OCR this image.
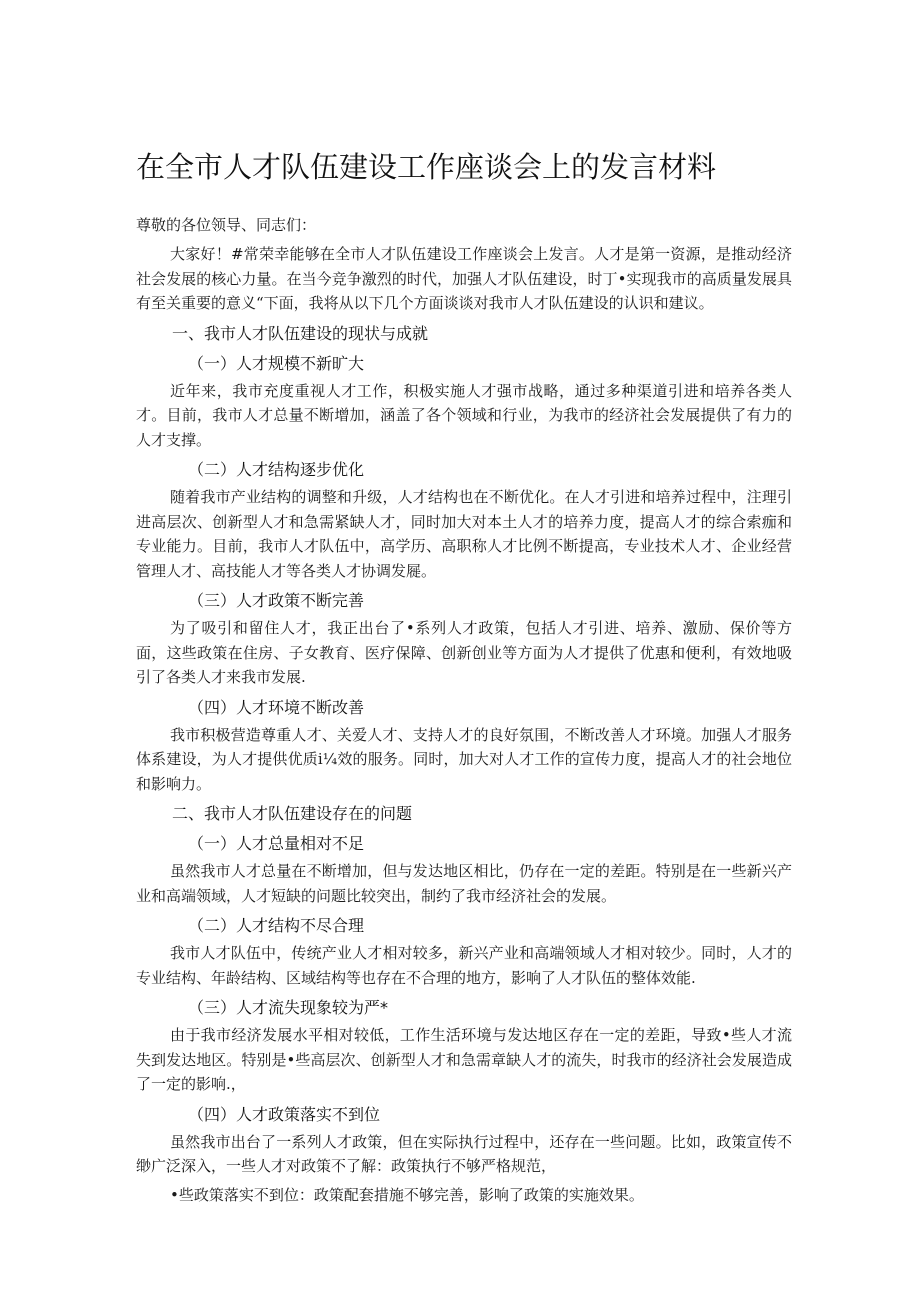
在全市人才队伍建设工作座谈会上的发言材料

尊敬的各位领导、同志们：

大家好！#常荣幸能够在全市人才队伍建设工作座谈会上发言。人才是第一资源，是推动经济社会发展的核心力量。在当今竞争激烈的时代，加强人才队伍建设，时丁•实现我市的高质量发展具有至关重要的意义“下面，我将从以下几个方面谈谈对我市人才队伍建设的认识和建议。

一、我市人才队伍建设的现状与成就
（一）人才规模不新旷大

近年来，我市充度重视人才工作，积极实施人才强市战略，通过多种渠道引进和培养各类人才。目前，我市人才总量不断增加，涵盖了各个领域和行业，为我市的经济社会发展提供了有力的人才支撑。

（二）人才结构逐步优化

随着我市产业结构的调整和升级，人才结构也在不断优化。在人才引进和培养过程中，注理引进高层次、创新型人才和急需紧缺人才，同时加大对本土人才的培养力度，提高人才的综合索痂和专业能力。目前，我市人才队伍中，高学历、高职称人才比例不断提高，专业技术人才、企业经营管理人才、高技能人才等各类人才协调发屣。

（三）人才政策不断完善

为了吸引和留住人才，我正出台了•系列人才政策，包括人才引进、培养、激励、保价等方面，这些政策在住房、子女教育、医疗保障、创新创业等方面为人才提供了优惠和便利，有效地吸引了各类人才来我市发展.

（四）人才环境不断改善

我市积极营造尊重人才、关爱人才、支持人才的良好氛围，不断改善人才环境。加强人才服务体系建设，为人才提供优质i¼效的服务。同时，加大对人才工作的宣传力度，提高人才的社会地位和影响力。

二、我市人才队伍建设存在的问题
（一）人才总量相对不足

虽然我市人才总量在不断增加，但与发达地区相比，仍存在一定的差距。特别是在一些新兴产业和高端领域，人才短缺的问题比较突出，制约了我市经济社会的发展。

（二）人才结构不尽合理

我市人才队伍中，传统产业人才相对较多，新兴产业和高端领域人才相对较少。同时，人才的专业结构、年龄结构、区域结构等也存在不合理的地方，影响了人才队伍的整体效能.

（三）人才流失现象较为严*

由于我市经济发展水平相对较低，工作生活环境与发达地区存在一定的差距，导致•些人才流失到发达地区。特别是•些高层次、创新型人才和急需章缺人才的流失，时我市的经济社会发展造成了一定的影响.，

（四）人才政策落实不到位

虽然我市出台了一系列人才政策，但在实际执行过程中，还存在一些问题。比如，政策宣传不缈广泛深入，一些人才对政策不了解：政策执行不够严格规范，

•些政策落实不到位：政策配套措施不够完善，影响了政策的实施效果。
